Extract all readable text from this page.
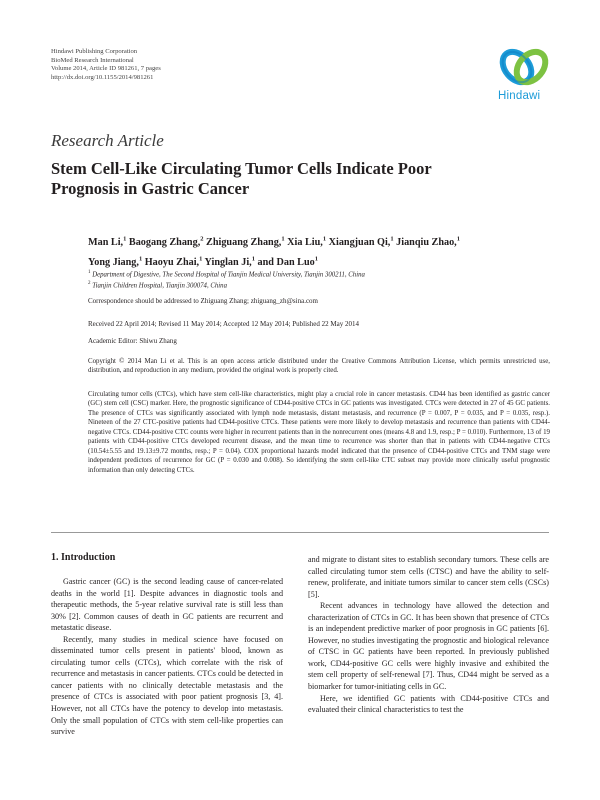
Hindawi Publishing Corporation
BioMed Research International
Volume 2014, Article ID 981261, 7 pages
http://dx.doi.org/10.1155/2014/981261
Hindawi
Research Article
Stem Cell-Like Circulating Tumor Cells Indicate Poor Prognosis in Gastric Cancer
Man Li,$^1$ Baogang Zhang,$^2$ Zhiguang Zhang,$^1$ Xia Liu,$^1$ Xiangjuan Qi,$^1$ Jianqiu Zhao,$^1$
Yong Jiang,$^1$ Haoyu Zhai,$^1$ Yinglan Ji,$^1$ and Dan Luo$^1$
$^1$ Department of Digestive, The Second Hospital of Tianjin Medical University, Tianjin 300211, China
$^2$ Tianjin Children Hospital, Tianjin 300074, China
Correspondence should be addressed to Zhiguang Zhang; zhiguang_zh@sina.com
Received 22 April 2014; Revised 11 May 2014; Accepted 12 May 2014; Published 22 May 2014
Academic Editor: Shiwu Zhang
Copyright © 2014 Man Li et al. This is an open access article distributed under the Creative Commons Attribution License, which permits unrestricted use, distribution, and reproduction in any medium, provided the original work is properly cited.
Circulating tumor cells (CTCs), which have stem cell-like characteristics, might play a crucial role in cancer metastasis. CD44 has been identified as gastric cancer (GC) stem cell (CSC) marker. Here, the prognostic significance of CD44-positive CTCs in GC patients was investigated. CTCs were detected in 27 of 45 GC patients. The presence of CTCs was significantly associated with lymph node metastasis, distant metastasis, and recurrence (P = 0.007, P = 0.035, and P = 0.035, resp.). Nineteen of the 27 CTC-positive patients had CD44-positive CTCs. These patients were more likely to develop metastasis and recurrence than patients with CD44-negative CTCs. CD44-positive CTC counts were higher in recurrent patients than in the nonrecurrent ones (means 4.8 and 1.9, resp.; P = 0.010). Furthermore, 13 of 19 patients with CD44-positive CTCs developed recurrent disease, and the mean time to recurrence was shorter than that in patients with CD44-negative CTCs (10.54±5.55 and 19.13±9.72 months, resp.; P = 0.04). COX proportional hazards model indicated that the presence of CD44-positive CTCs and TNM stage were independent predictors of recurrence for GC (P = 0.030 and 0.008). So identifying the stem cell-like CTC subset may provide more clinically useful prognostic information than only detecting CTCs.
1. Introduction

Gastric cancer (GC) is the second leading cause of cancer-related deaths in the world [1]. Despite advances in diagnostic tools and therapeutic methods, the 5-year relative survival rate is still less than 30% [2]. Common causes of death in GC patients are recurrent and metastatic disease.

Recently, many studies in medical science have focused on disseminated tumor cells present in patients' blood, known as circulating tumor cells (CTCs), which correlate with the risk of recurrence and metastasis in cancer patients. CTCs could be detected in cancer patients with no clinically detectable metastasis and the presence of CTCs is associated with poor patient prognosis [3, 4]. However, not all CTCs have the potency to develop into metastasis. Only the small population of CTCs with stem cell-like properties can survive

and migrate to distant sites to establish secondary tumors. These cells are called circulating tumor stem cells (CTSC) and have the ability to self-renew, proliferate, and initiate tumors similar to cancer stem cells (CSCs) [5].

Recent advances in technology have allowed the detection and characterization of CTCs in GC. It has been shown that presence of CTCs is an independent predictive marker of poor prognosis in GC patients [6]. However, no studies investigating the prognostic and biological relevance of CTSC in GC patients have been reported. In previously published work, CD44-positive GC cells were highly invasive and exhibited the stem cell property of self-renewal [7]. Thus, CD44 might be served as a biomarker for tumor-initiating cells in GC.

Here, we identified GC patients with CD44-positive CTCs and evaluated their clinical characteristics to test the
